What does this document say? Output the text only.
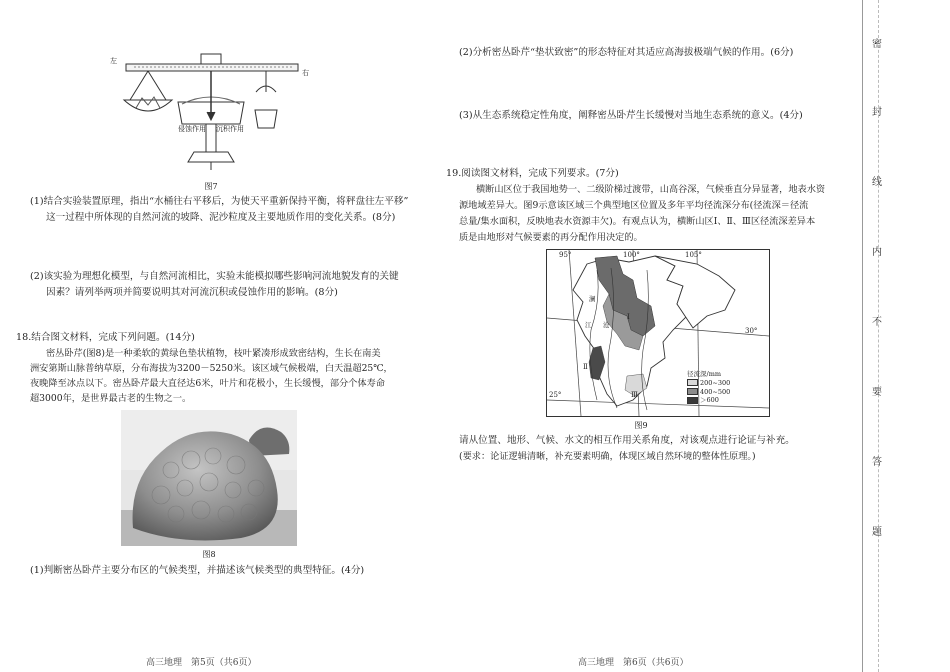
左
右
侵蚀作用 沉积作用
图7
(1)结合实验装置原理，指出“水桶往右平移后，为使天平重新保持平衡，将秤盘往左平移”
这一过程中所体现的自然河流的坡降、泥沙粒度及主要地质作用的变化关系。(8分)
(2)该实验为理想化模型，与自然河流相比，实验未能模拟哪些影响河流地貌发育的关键
因素？请列举两项并简要说明其对河流沉积或侵蚀作用的影响。(8分)
18.结合图文材料，完成下列问题。(14分)
密丛卧芹(图8)是一种柔软的黄绿色垫状植物，枝叶紧凑形成致密结构，生长在南美
洲安第斯山脉普纳草原，分布海拔为3200－5250米。该区域气候极端，白天温超25℃，
夜晚降至冰点以下。密丛卧芹最大直径达6米，叶片和花极小，生长缓慢，部分个体寿命
超3000年，是世界最古老的生物之一。
图8
(1)判断密丛卧芹主要分布区的气候类型，并描述该气候类型的典型特征。(4分)
高三地理　第5页（共6页）
(2)分析密丛卧芹“垫状致密”的形态特征对其适应高海拔极端气候的作用。(6分)
(3)从生态系统稳定性角度，阐释密丛卧芹生长缓慢对当地生态系统的意义。(4分)
19.阅读图文材料，完成下列要求。(7分)
横断山区位于我国地势一、二级阶梯过渡带，山高谷深，气候垂直分异显著，地表水资
源地域差异大。图9示意该区域三个典型地区位置及多年平均径流深分布(径流深＝径流
总量/集水面积，反映地表水资源丰欠)。有观点认为，横断山区Ⅰ、Ⅱ、Ⅲ区径流深差异本
质是由地形对气候要素的再分配作用决定的。
95°	100°	105°
30°
25°
Ⅰ
Ⅱ
Ⅲ
澜
江 沧
径流深/mm
200~300
400~500
＞600
图9
请从位置、地形、气候、水文的相互作用关系角度，对该观点进行论证与补充。
(要求：论证逻辑清晰，补充要素明确，体现区域自然环境的整体性原理。)
高三地理　第6页（共6页）
密
封
线
内
不
要
答
题
